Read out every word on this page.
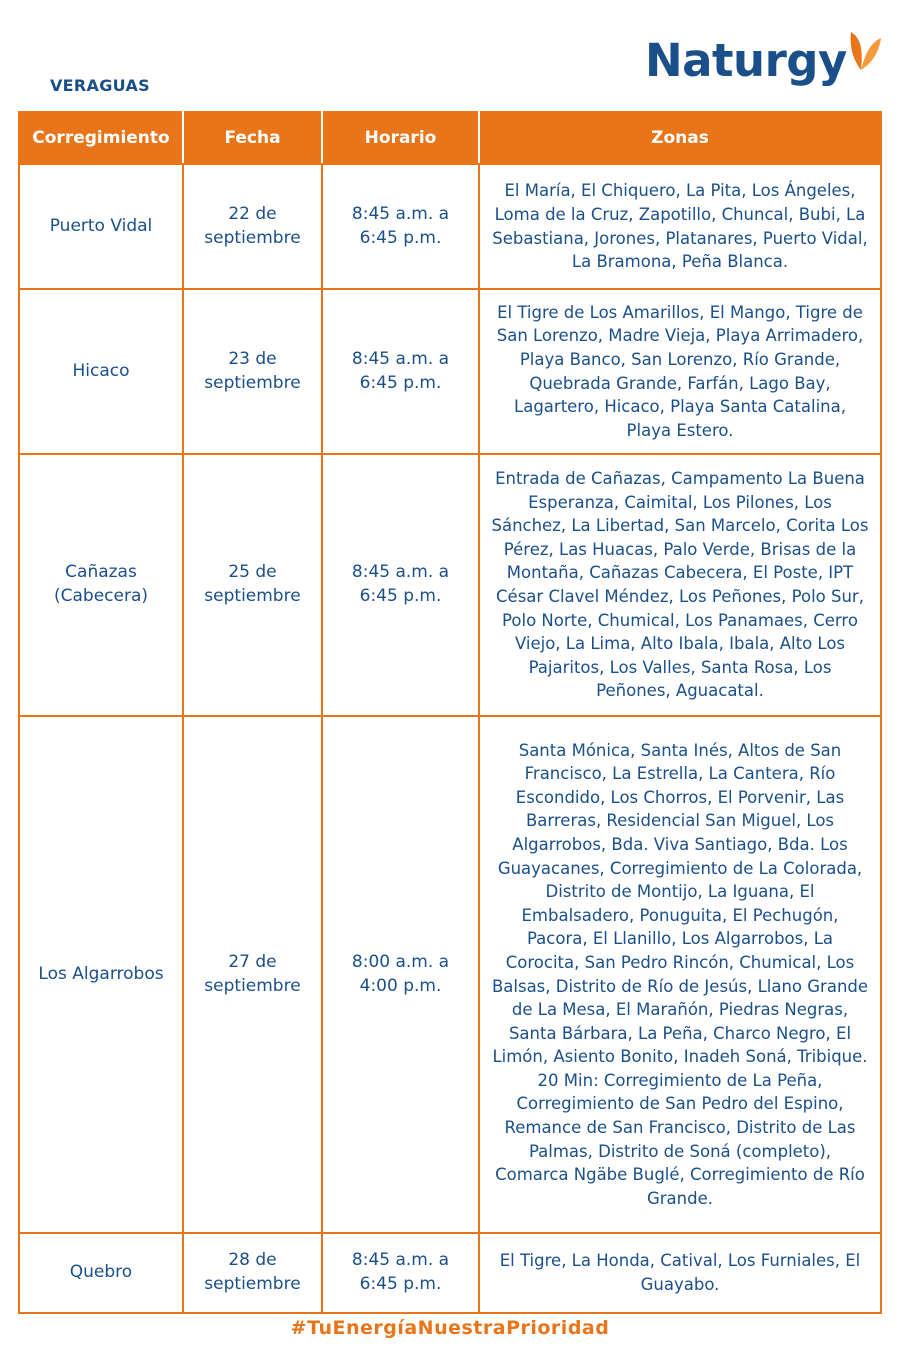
VERAGUAS	Naturgy
Corregimiento	Fecha	Horario	Zonas
Puerto Vidal	22 de septiembre	8:45 a.m. a 6:45 p.m.	El María, El Chiquero, La Pita, Los Ángeles, Loma de la Cruz, Zapotillo, Chuncal, Bubi, La Sebastiana, Jorones, Platanares, Puerto Vidal, La Bramona, Peña Blanca.
Hicaco	23 de septiembre	8:45 a.m. a 6:45 p.m.	El Tigre de Los Amarillos, El Mango, Tigre de San Lorenzo, Madre Vieja, Playa Arrimadero, Playa Banco, San Lorenzo, Río Grande, Quebrada Grande, Farfán, Lago Bay, Lagartero, Hicaco, Playa Santa Catalina, Playa Estero.
Cañazas (Cabecera)	25 de septiembre	8:45 a.m. a 6:45 p.m.	Entrada de Cañazas, Campamento La Buena Esperanza, Caimital, Los Pilones, Los Sánchez, La Libertad, San Marcelo, Corita Los Pérez, Las Huacas, Palo Verde, Brisas de la Montaña, Cañazas Cabecera, El Poste, IPT César Clavel Méndez, Los Peñones, Polo Sur, Polo Norte, Chumical, Los Panamaes, Cerro Viejo, La Lima, Alto Ibala, Ibala, Alto Los Pajaritos, Los Valles, Santa Rosa, Los Peñones, Aguacatal.
Los Algarrobos	27 de septiembre	8:00 a.m. a 4:00 p.m.	Santa Mónica, Santa Inés, Altos de San Francisco, La Estrella, La Cantera, Río Escondido, Los Chorros, El Porvenir, Las Barreras, Residencial San Miguel, Los Algarrobos, Bda. Viva Santiago, Bda. Los Guayacanes, Corregimiento de La Colorada, Distrito de Montijo, La Iguana, El Embalsadero, Ponuguita, El Pechugón, Pacora, El Llanillo, Los Algarrobos, La Corocita, San Pedro Rincón, Chumical, Los Balsas, Distrito de Río de Jesús, Llano Grande de La Mesa, El Marañón, Piedras Negras, Santa Bárbara, La Peña, Charco Negro, El Limón, Asiento Bonito, Inadeh Soná, Tribique.
20 Min: Corregimiento de La Peña, Corregimiento de San Pedro del Espino, Remance de San Francisco, Distrito de Las Palmas, Distrito de Soná (completo), Comarca Ngäbe Buglé, Corregimiento de Río Grande.

Quebro	28 de septiembre	8:45 a.m. a 6:45 p.m.	El Tigre, La Honda, Catival, Los Furniales, El Guayabo.
#TuEnergíaNuestraPrioridad
